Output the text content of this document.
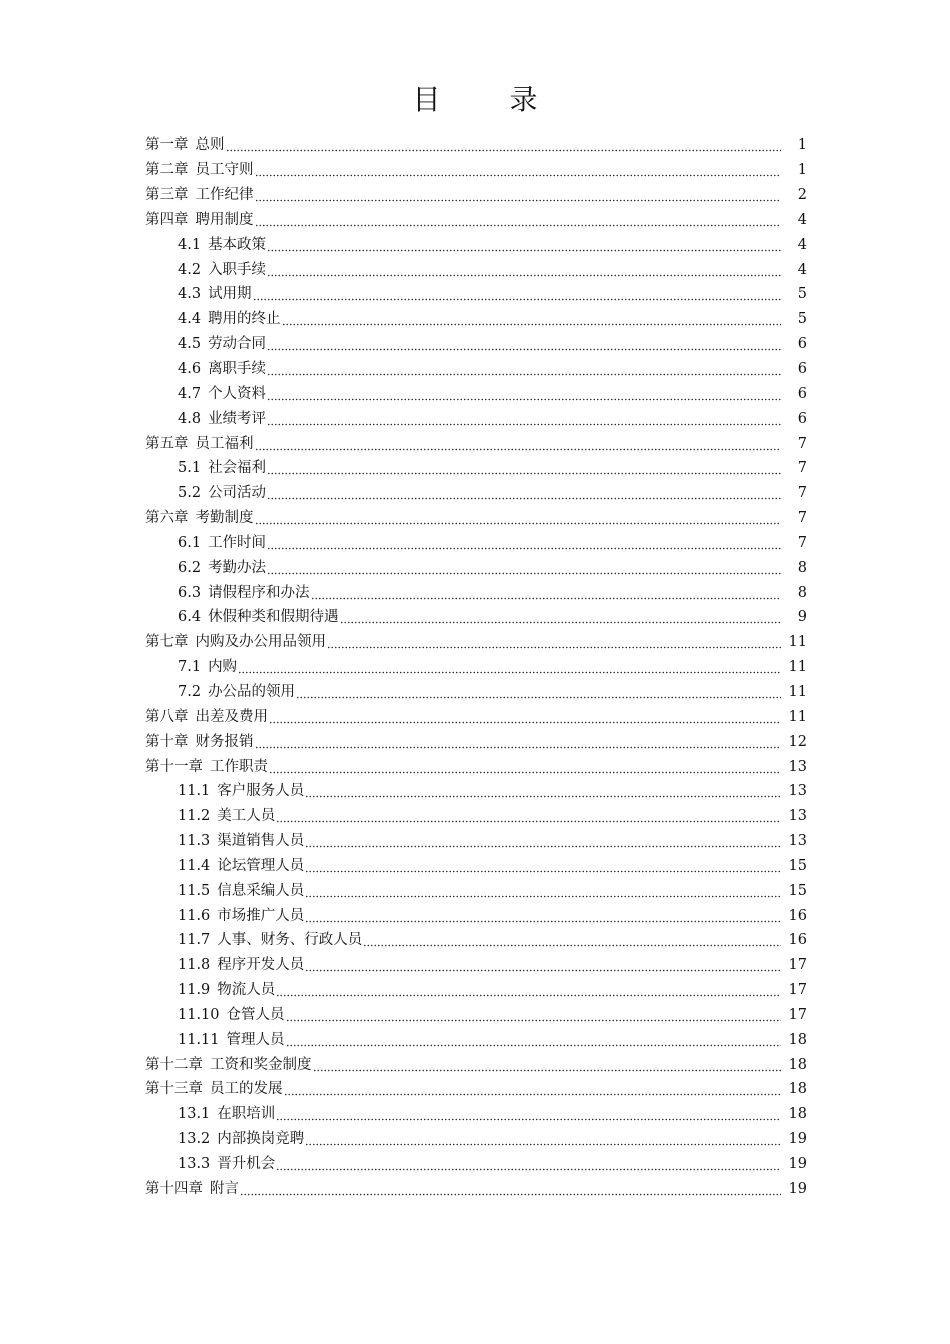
目 录
第一章 总则	1
第二章 员工守则	1
第三章 工作纪律	2
第四章 聘用制度	4
4.1 基本政策	4
4.2 入职手续	4
4.3 试用期	5
4.4 聘用的终止	5
4.5 劳动合同	6
4.6 离职手续	6
4.7 个人资料	6
4.8 业绩考评	6
第五章 员工福利	7
5.1 社会福利	7
5.2 公司活动	7
第六章 考勤制度	7
6.1 工作时间	7
6.2 考勤办法	8
6.3 请假程序和办法	8
6.4 休假种类和假期待遇	9
第七章 内购及办公用品领用	11
7.1 内购	11
7.2 办公品的领用	11
第八章 出差及费用	11
第十章 财务报销	12
第十一章 工作职责	13
11.1 客户服务人员	13
11.2 美工人员	13
11.3 渠道销售人员	13
11.4 论坛管理人员	15
11.5 信息采编人员	15
11.6 市场推广人员	16
11.7 人事、财务、行政人员	16
11.8 程序开发人员	17
11.9 物流人员	17
11.10 仓管人员	17
11.11 管理人员	18
第十二章 工资和奖金制度	18
第十三章 员工的发展	18
13.1 在职培训	18
13.2 内部换岗竞聘	19
13.3 晋升机会	19
第十四章 附言	19
